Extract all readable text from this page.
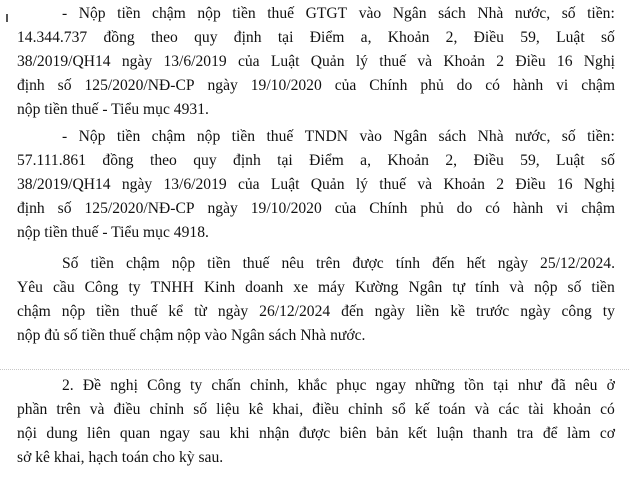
- Nộp tiền chậm nộp tiền thuế GTGT vào Ngân sách Nhà nước, số tiền:
14.344.737 đồng theo quy định tại Điểm a, Khoản 2, Điều 59, Luật số
38/2019/QH14 ngày 13/6/2019 của Luật Quản lý thuế và Khoản 2 Điều 16 Nghị
định số 125/2020/NĐ-CP ngày 19/10/2020 của Chính phủ do có hành vi chậm
nộp tiền thuế - Tiểu mục 4931.
- Nộp tiền chậm nộp tiền thuế TNDN vào Ngân sách Nhà nước, số tiền:
57.111.861 đồng theo quy định tại Điểm a, Khoản 2, Điều 59, Luật số
38/2019/QH14 ngày 13/6/2019 của Luật Quản lý thuế và Khoản 2 Điều 16 Nghị
định số 125/2020/NĐ-CP ngày 19/10/2020 của Chính phủ do có hành vi chậm
nộp tiền thuế - Tiểu mục 4918.
Số tiền chậm nộp tiền thuế nêu trên được tính đến hết ngày 25/12/2024.
Yêu cầu Công ty TNHH Kinh doanh xe máy Kường Ngân tự tính và nộp số tiền
chậm nộp tiền thuế kể từ ngày 26/12/2024 đến ngày liền kề trước ngày công ty
nộp đủ số tiền thuế chậm nộp vào Ngân sách Nhà nước.
2. Đề nghị Công ty chấn chỉnh, khắc phục ngay những tồn tại như đã nêu ở
phần trên và điều chỉnh số liệu kê khai, điều chỉnh sổ kế toán và các tài khoản có
nội dung liên quan ngay sau khi nhận được biên bản kết luận thanh tra để làm cơ
sở kê khai, hạch toán cho kỳ sau.
